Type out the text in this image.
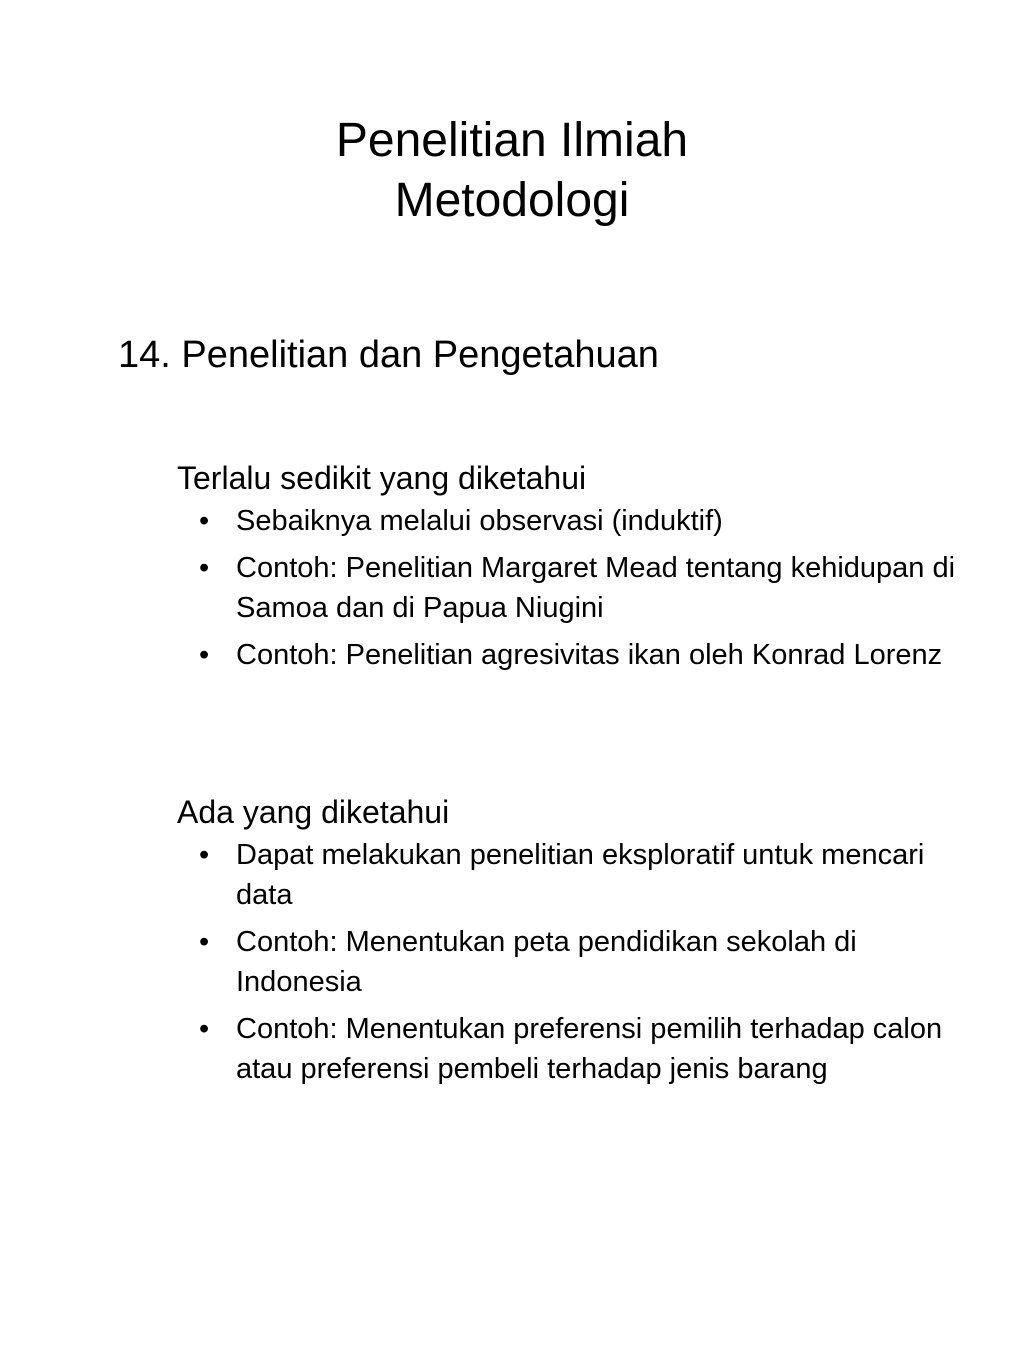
Penelitian Ilmiah
Metodologi
14. Penelitian dan Pengetahuan
Terlalu sedikit yang diketahui
• Sebaiknya melalui observasi (induktif)
• Contoh: Penelitian Margaret Mead tentang kehidupan di Samoa dan di Papua Niugini
• Contoh: Penelitian agresivitas ikan oleh Konrad Lorenz
Ada yang diketahui
• Dapat melakukan penelitian eksploratif untuk mencari data
• Contoh: Menentukan peta pendidikan sekolah di Indonesia
• Contoh: Menentukan preferensi pemilih terhadap calon atau preferensi pembeli terhadap jenis barang
